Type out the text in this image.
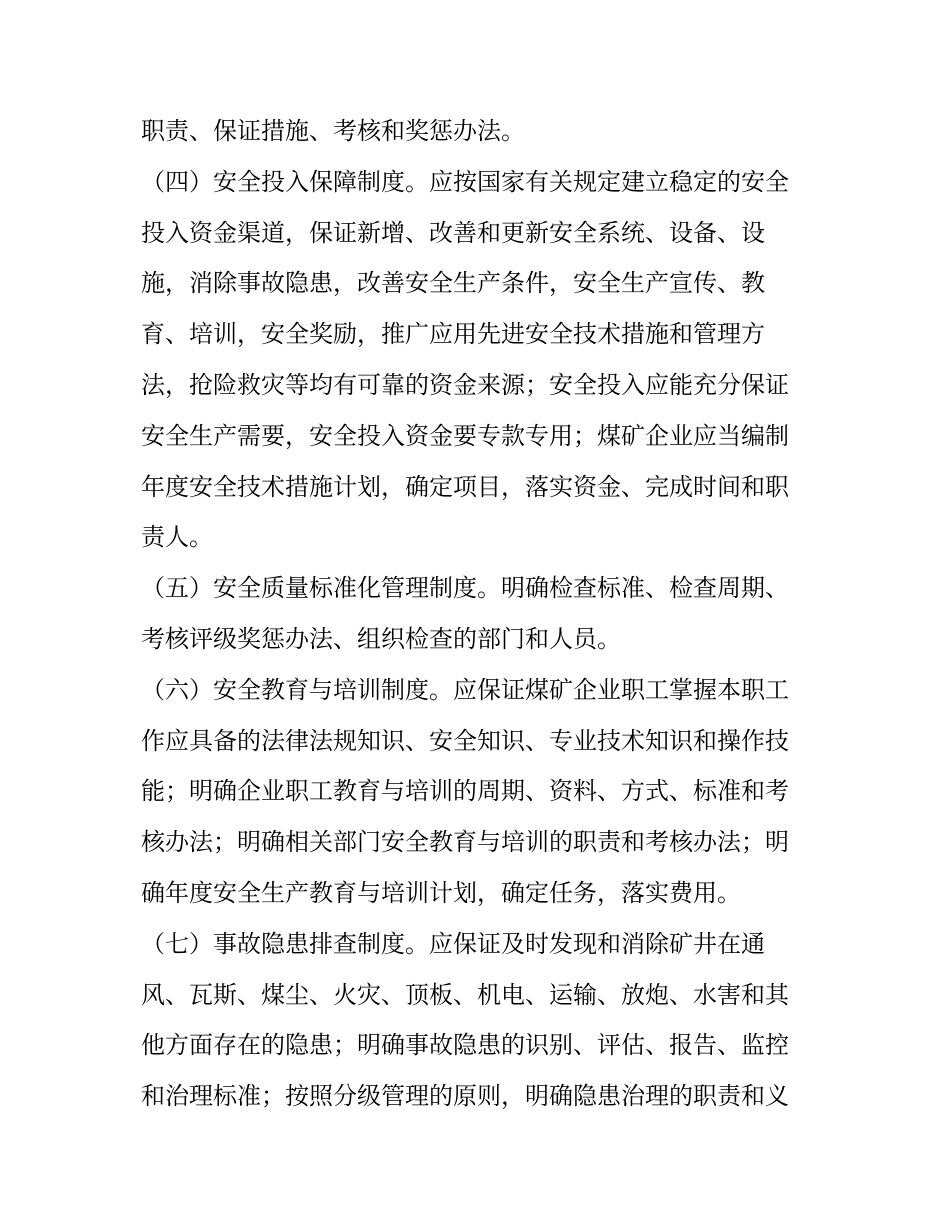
职责、保证措施、考核和奖惩办法。
（四）安全投入保障制度。应按国家有关规定建立稳定的安全
投入资金渠道，保证新增、改善和更新安全系统、设备、设
施，消除事故隐患，改善安全生产条件，安全生产宣传、教
育、培训，安全奖励，推广应用先进安全技术措施和管理方
法，抢险救灾等均有可靠的资金来源；安全投入应能充分保证
安全生产需要，安全投入资金要专款专用；煤矿企业应当编制
年度安全技术措施计划，确定项目，落实资金、完成时间和职
责人。
（五）安全质量标准化管理制度。明确检查标准、检查周期、
考核评级奖惩办法、组织检查的部门和人员。
（六）安全教育与培训制度。应保证煤矿企业职工掌握本职工
作应具备的法律法规知识、安全知识、专业技术知识和操作技
能；明确企业职工教育与培训的周期、资料、方式、标准和考
核办法；明确相关部门安全教育与培训的职责和考核办法；明
确年度安全生产教育与培训计划，确定任务，落实费用。
（七）事故隐患排查制度。应保证及时发现和消除矿井在通
风、瓦斯、煤尘、火灾、顶板、机电、运输、放炮、水害和其
他方面存在的隐患；明确事故隐患的识别、评估、报告、监控
和治理标准；按照分级管理的原则，明确隐患治理的职责和义
